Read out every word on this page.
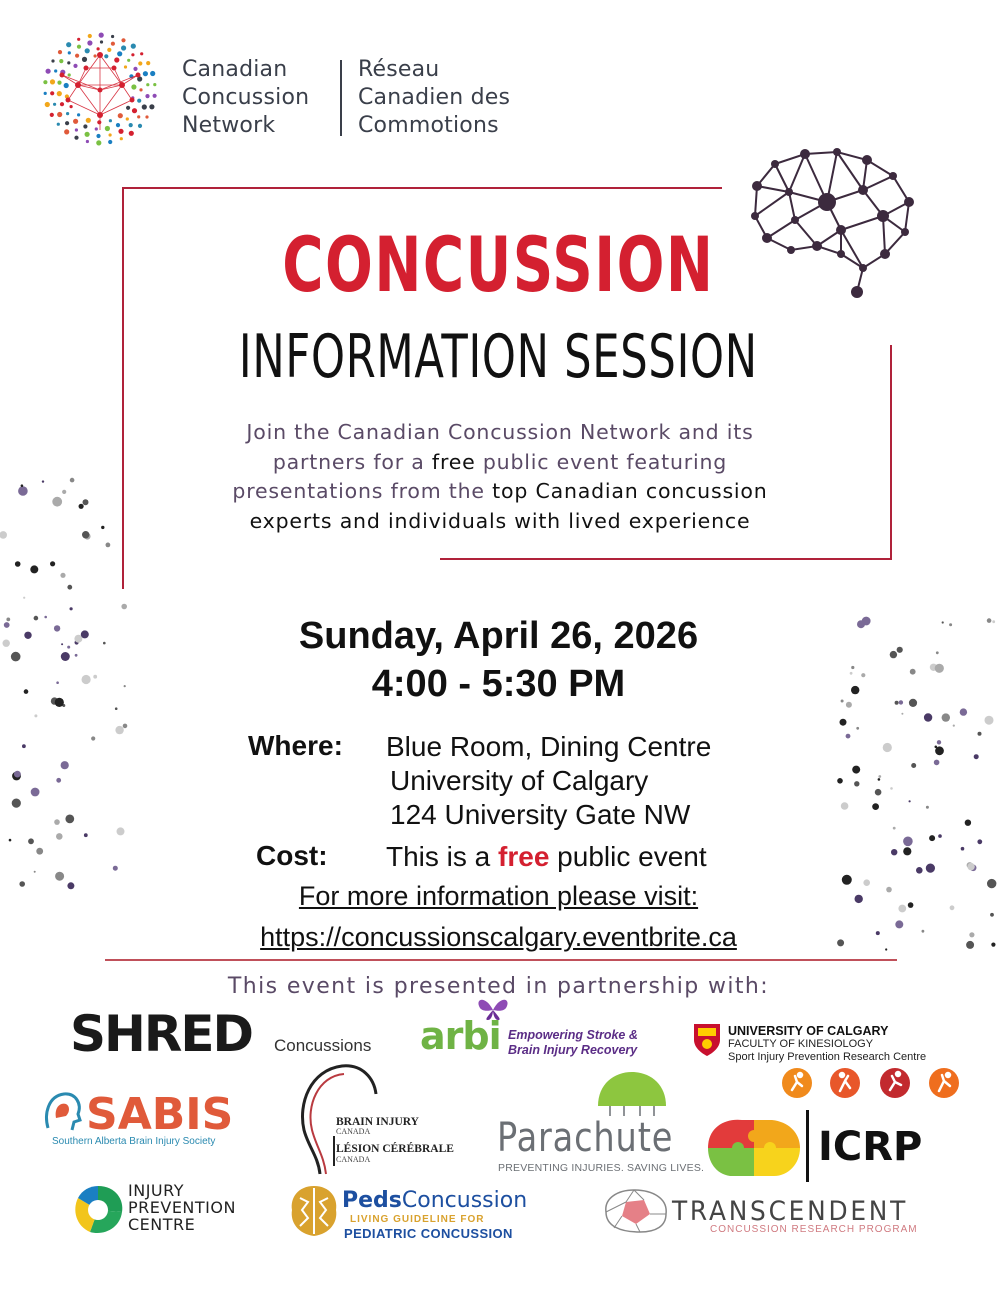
Canadian
Concussion
Network
Réseau
Canadien des
Commotions
CONCUSSION
INFORMATION SESSION
Join the Canadian Concussion Network and its
partners for a free public event featuring
presentations from the top Canadian concussion
experts and individuals with lived experience
Sunday, April 26, 2026
4:00 - 5:30 PM
Where: Blue Room, Dining Centre
University of Calgary
124 University Gate NW
Cost: This is a free public event
For more information please visit:
https://concussionscalgary.eventbrite.ca
This event is presented in partnership with:
SHRED Concussions arbi Empowering Stroke &
Brain Injury Recovery
UNIVERSITY OF CALGARY
FACULTY OF KINESIOLOGY
Sport Injury Prevention Research Centre
SABIS
Southern Alberta Brain Injury Society
BRAIN INJURY
CANADA
LÉSION CÉRÉBRALE
CANADA	Parachute
PREVENTING INJURIES. SAVING LIVES.	ICRP
INJURY
PREVENTION
CENTRE
PedsConcussion
LIVING GUIDELINE FOR
PEDIATRIC CONCUSSION
TRANSCENDENT
CONCUSSION RESEARCH PROGRAM
